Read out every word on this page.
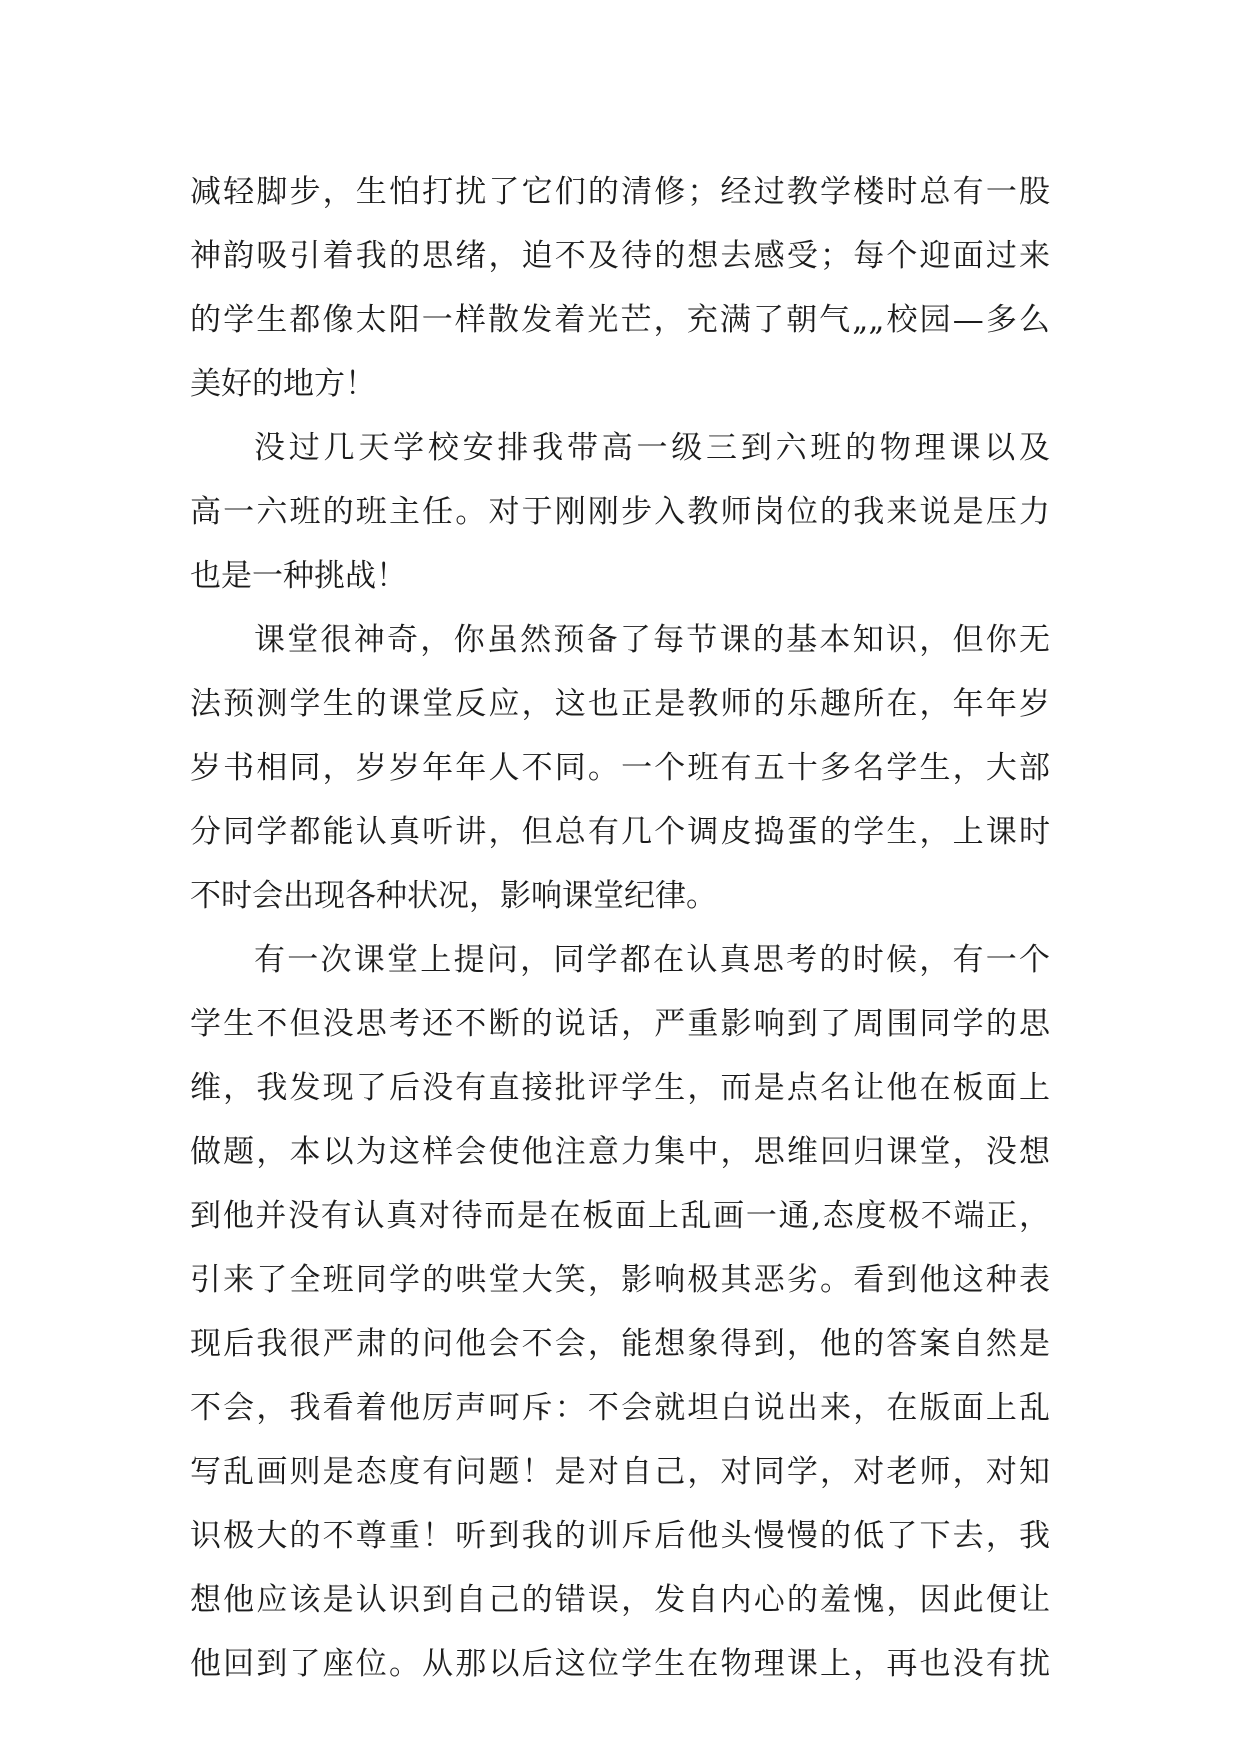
减轻脚步，生怕打扰了它们的清修；经过教学楼时总有一股
神韵吸引着我的思绪，迫不及待的想去感受；每个迎面过来
的学生都像太阳一样散发着光芒，充满了朝气„„校园—多么
美好的地方！
没过几天学校安排我带高一级三到六班的物理课以及
高一六班的班主任。对于刚刚步入教师岗位的我来说是压力
也是一种挑战！
课堂很神奇，你虽然预备了每节课的基本知识，但你无
法预测学生的课堂反应，这也正是教师的乐趣所在，年年岁
岁书相同，岁岁年年人不同。一个班有五十多名学生，大部
分同学都能认真听讲，但总有几个调皮捣蛋的学生，上课时
不时会出现各种状况，影响课堂纪律。
有一次课堂上提问，同学都在认真思考的时候，有一个
学生不但没思考还不断的说话，严重影响到了周围同学的思
维，我发现了后没有直接批评学生，而是点名让他在板面上
做题，本以为这样会使他注意力集中，思维回归课堂，没想
到他并没有认真对待而是在板面上乱画一通,态度极不端正，
引来了全班同学的哄堂大笑，影响极其恶劣。看到他这种表
现后我很严肃的问他会不会，能想象得到，他的答案自然是
不会，我看着他厉声呵斥：不会就坦白说出来，在版面上乱
写乱画则是态度有问题！是对自己，对同学，对老师，对知
识极大的不尊重！听到我的训斥后他头慢慢的低了下去，我
想他应该是认识到自己的错误，发自内心的羞愧，因此便让
他回到了座位。从那以后这位学生在物理课上，再也没有扰
